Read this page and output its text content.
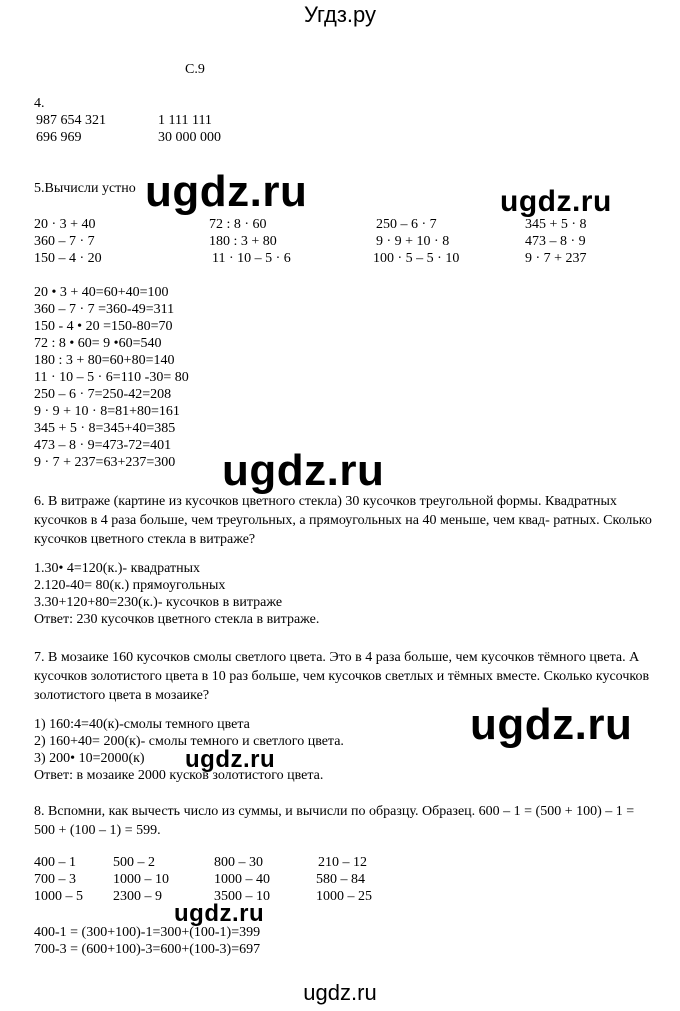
Угдз.ру
С.9
4.
987 654 321
696 969
1 111 111
30 000 000
5.Вычисли устно
20 · 3 + 40
360 – 7 · 7
150 – 4 · 20
72 : 8 · 60
180 : 3 + 80
11 · 10 – 5 · 6
250 – 6 · 7
9 · 9 + 10 · 8
100 · 5 – 5 · 10
345 + 5 · 8
473 – 8 · 9
9 · 7 + 237
20 • 3 + 40=60+40=100
360 – 7 · 7 =360-49=311
150 - 4 • 20 =150-80=70
72 : 8 • 60= 9 •60=540
180 : 3 + 80=60+80=140
11 · 10 – 5 · 6=110 -30= 80
250 – 6 · 7=250-42=208
9 · 9 + 10 · 8=81+80=161
345 + 5 · 8=345+40=385
473 – 8 · 9=473-72=401
9 · 7 + 237=63+237=300
6. В витраже (картине из кусочков цветного стекла) 30 кусочков треугольной формы. Квадратных кусочков в 4 раза больше, чем треугольных, а прямоугольных на 40 меньше, чем квад- ратных. Сколько кусочков цветного стекла в витраже?
1.30• 4=120(к.)- квадратных
2.120-40= 80(к.) прямоугольных
3.30+120+80=230(к.)- кусочков в витраже
Ответ: 230 кусочков цветного стекла в витраже.
7. В мозаике 160 кусочков смолы светлого цвета. Это в 4 раза больше, чем кусочков тёмного цвета. А кусочков золотистого цвета в 10 раз больше, чем кусочков светлых и тёмных вместе. Сколько кусочков золотистого цвета в мозаике?
1) 160:4=40(к)-смолы темного цвета
2) 160+40= 200(к)- смолы темного и светлого цвета.
3) 200• 10=2000(к)
Ответ: в мозаике 2000 кусков золотистого цвета.
8. Вспомни, как вычесть число из суммы, и вычисли по образцу. Образец. 600 – 1 = (500 + 100) – 1 = 500 + (100 – 1) = 599.
400 – 1
700 – 3
1000 – 5
500 – 2
1000 – 10
2300 – 9
800 – 30
1000 – 40
3500 – 10
210 – 12
580 – 84
1000 – 25
400-1 = (300+100)-1=300+(100-1)=399
700-3 = (600+100)-3=600+(100-3)=697
ugdz.ru	ugdz.ru
ugdz.ru
ugdz.ru
ugdz.ru
ugdz.ru
ugdz.ru
